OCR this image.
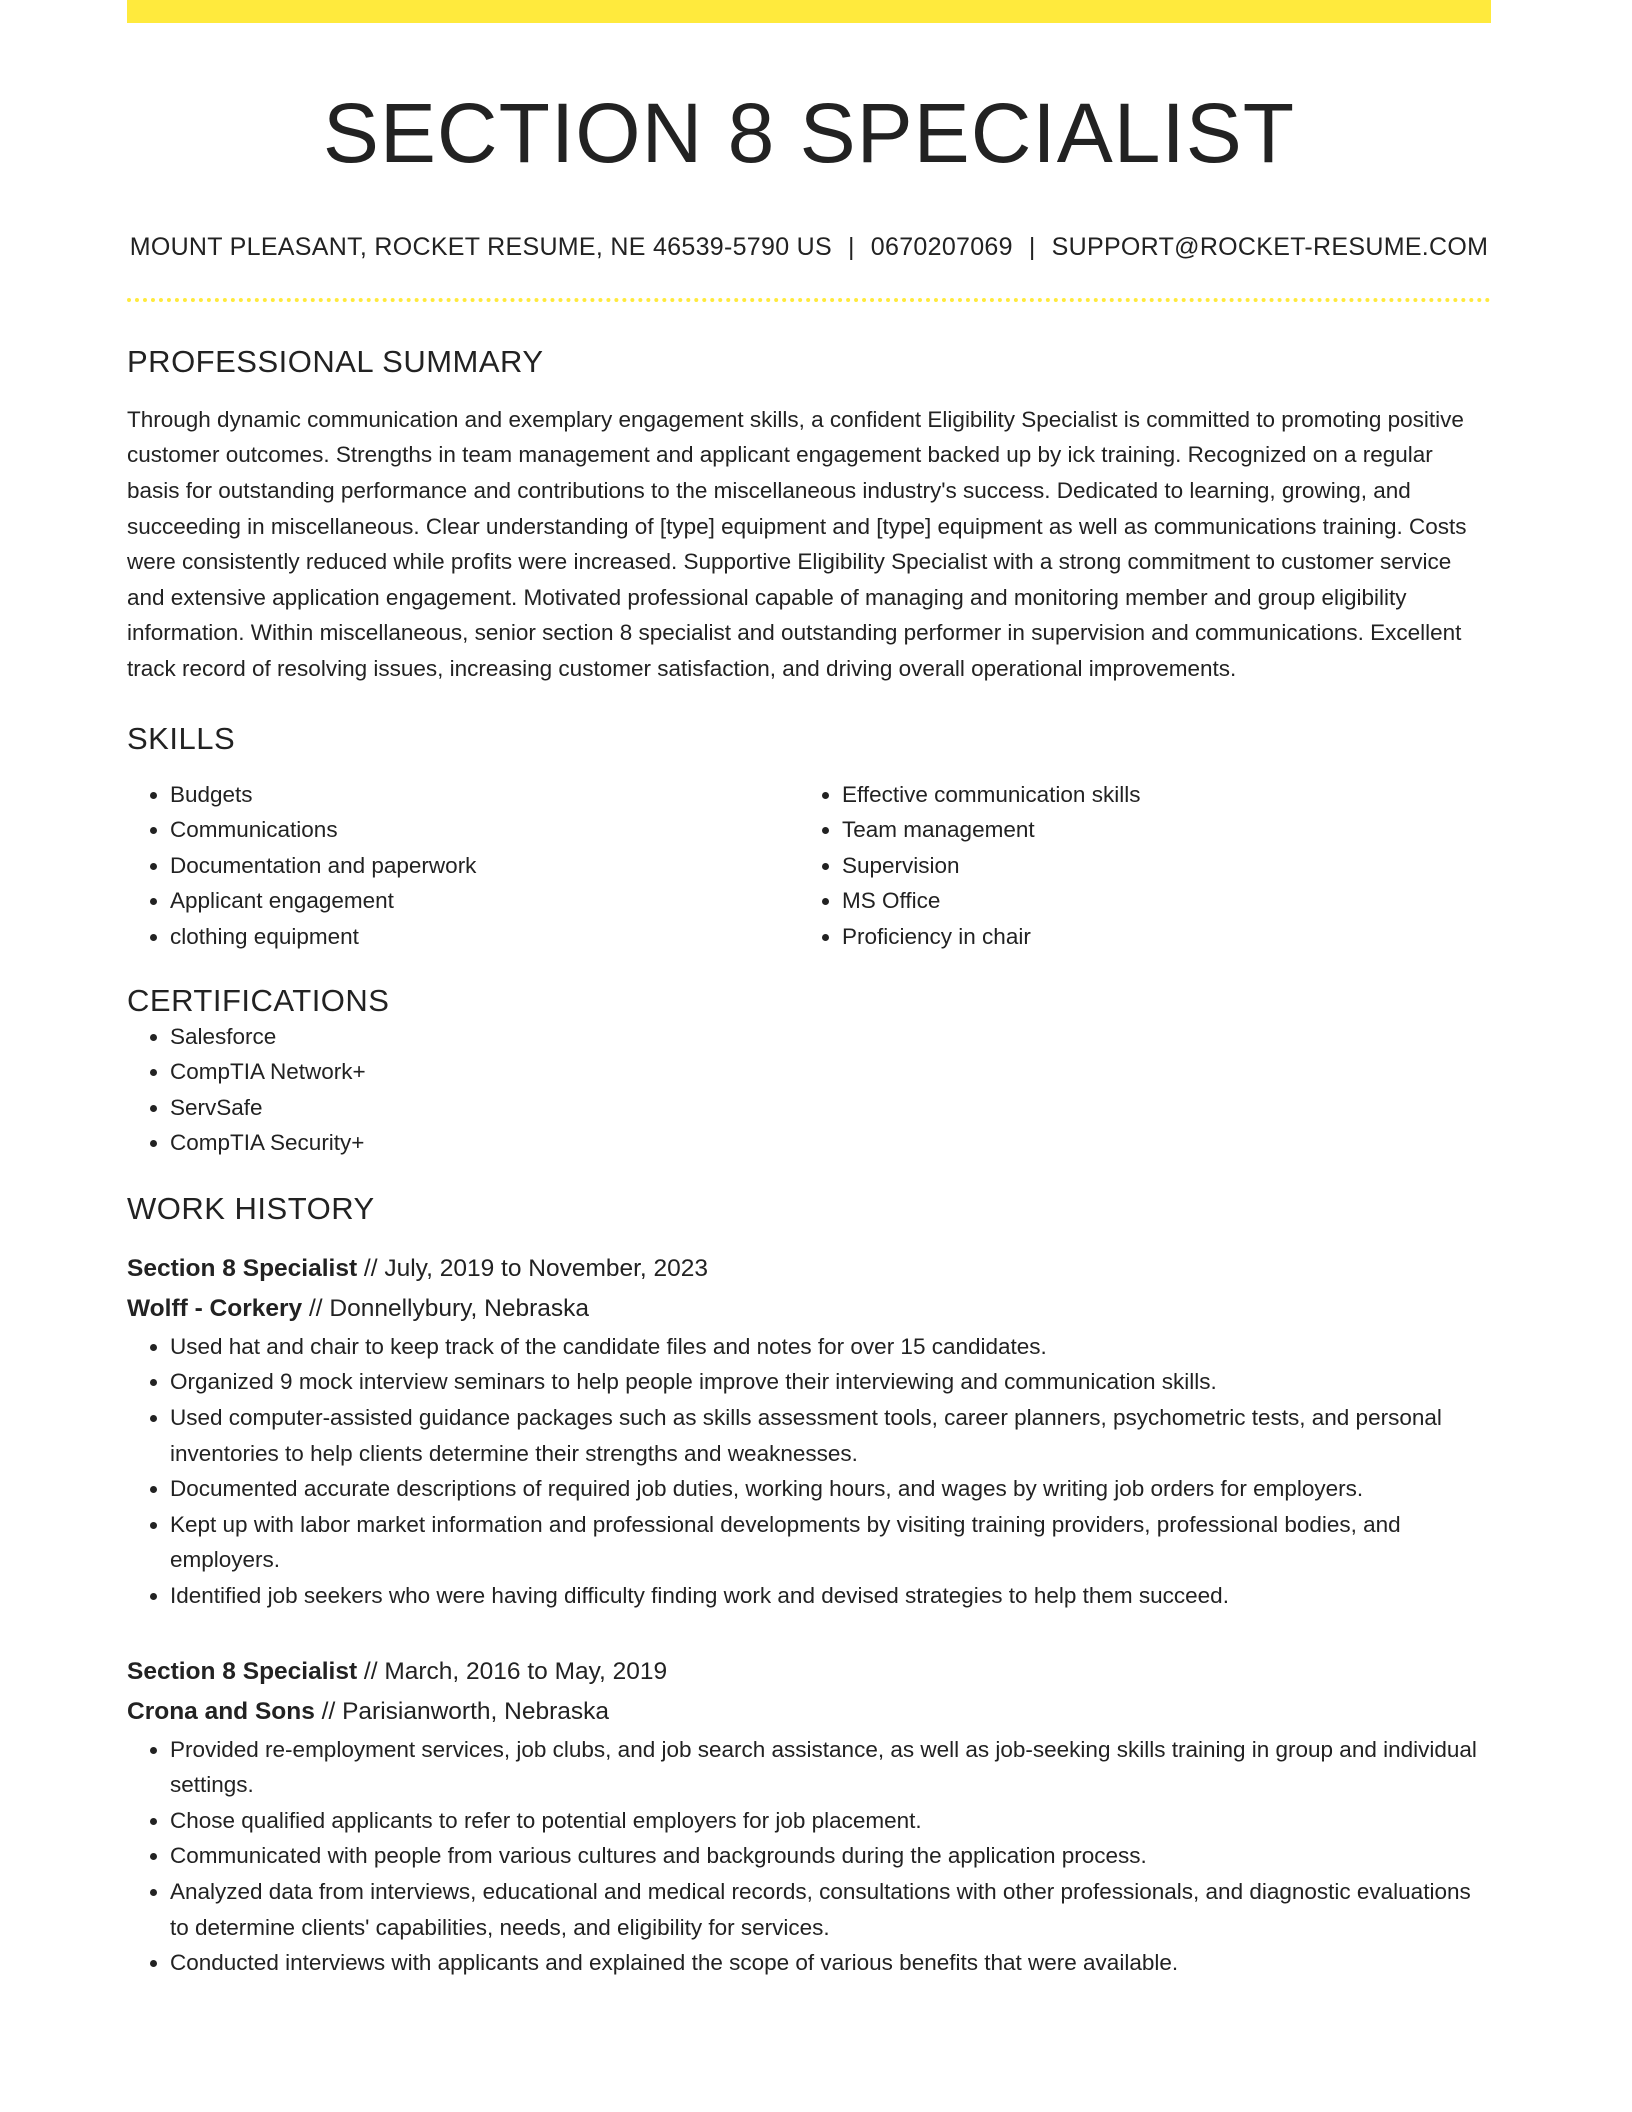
SECTION 8 SPECIALIST
MOUNT PLEASANT, ROCKET RESUME, NE 46539-5790 US | 0670207069 | SUPPORT@ROCKET-RESUME.COM
PROFESSIONAL SUMMARY

Through dynamic communication and exemplary engagement skills, a confident Eligibility Specialist is committed to promoting positive customer outcomes. Strengths in team management and applicant engagement backed up by ick training. Recognized on a regular basis for outstanding performance and contributions to the miscellaneous industry's success. Dedicated to learning, growing, and succeeding in miscellaneous. Clear understanding of [type] equipment and [type] equipment as well as communications training. Costs were consistently reduced while profits were increased. Supportive Eligibility Specialist with a strong commitment to customer service and extensive application engagement. Motivated professional capable of managing and monitoring member and group eligibility information. Within miscellaneous, senior section 8 specialist and outstanding performer in supervision and communications. Excellent track record of resolving issues, increasing customer satisfaction, and driving overall operational improvements.

SKILLS
• Budgets
• Communications
• Documentation and paperwork
• Applicant engagement
• clothing equipment
• Effective communication skills
• Team management
• Supervision
• MS Office
• Proficiency in chair
CERTIFICATIONS
• Salesforce
• CompTIA Network+
• ServSafe
• CompTIA Security+
WORK HISTORY
Section 8 Specialist // July, 2019 to November, 2023
Wolff - Corkery // Donnellybury, Nebraska
• Used hat and chair to keep track of the candidate files and notes for over 15 candidates.
• Organized 9 mock interview seminars to help people improve their interviewing and communication skills.
• Used computer-assisted guidance packages such as skills assessment tools, career planners, psychometric tests, and personal inventories to help clients determine their strengths and weaknesses.
• Documented accurate descriptions of required job duties, working hours, and wages by writing job orders for employers.
• Kept up with labor market information and professional developments by visiting training providers, professional bodies, and employers.
• Identified job seekers who were having difficulty finding work and devised strategies to help them succeed.
Section 8 Specialist // March, 2016 to May, 2019
Crona and Sons // Parisianworth, Nebraska
• Provided re-employment services, job clubs, and job search assistance, as well as job-seeking skills training in group and individual settings.
• Chose qualified applicants to refer to potential employers for job placement.
• Communicated with people from various cultures and backgrounds during the application process.
• Analyzed data from interviews, educational and medical records, consultations with other professionals, and diagnostic evaluations to determine clients' capabilities, needs, and eligibility for services.
• Conducted interviews with applicants and explained the scope of various benefits that were available.
